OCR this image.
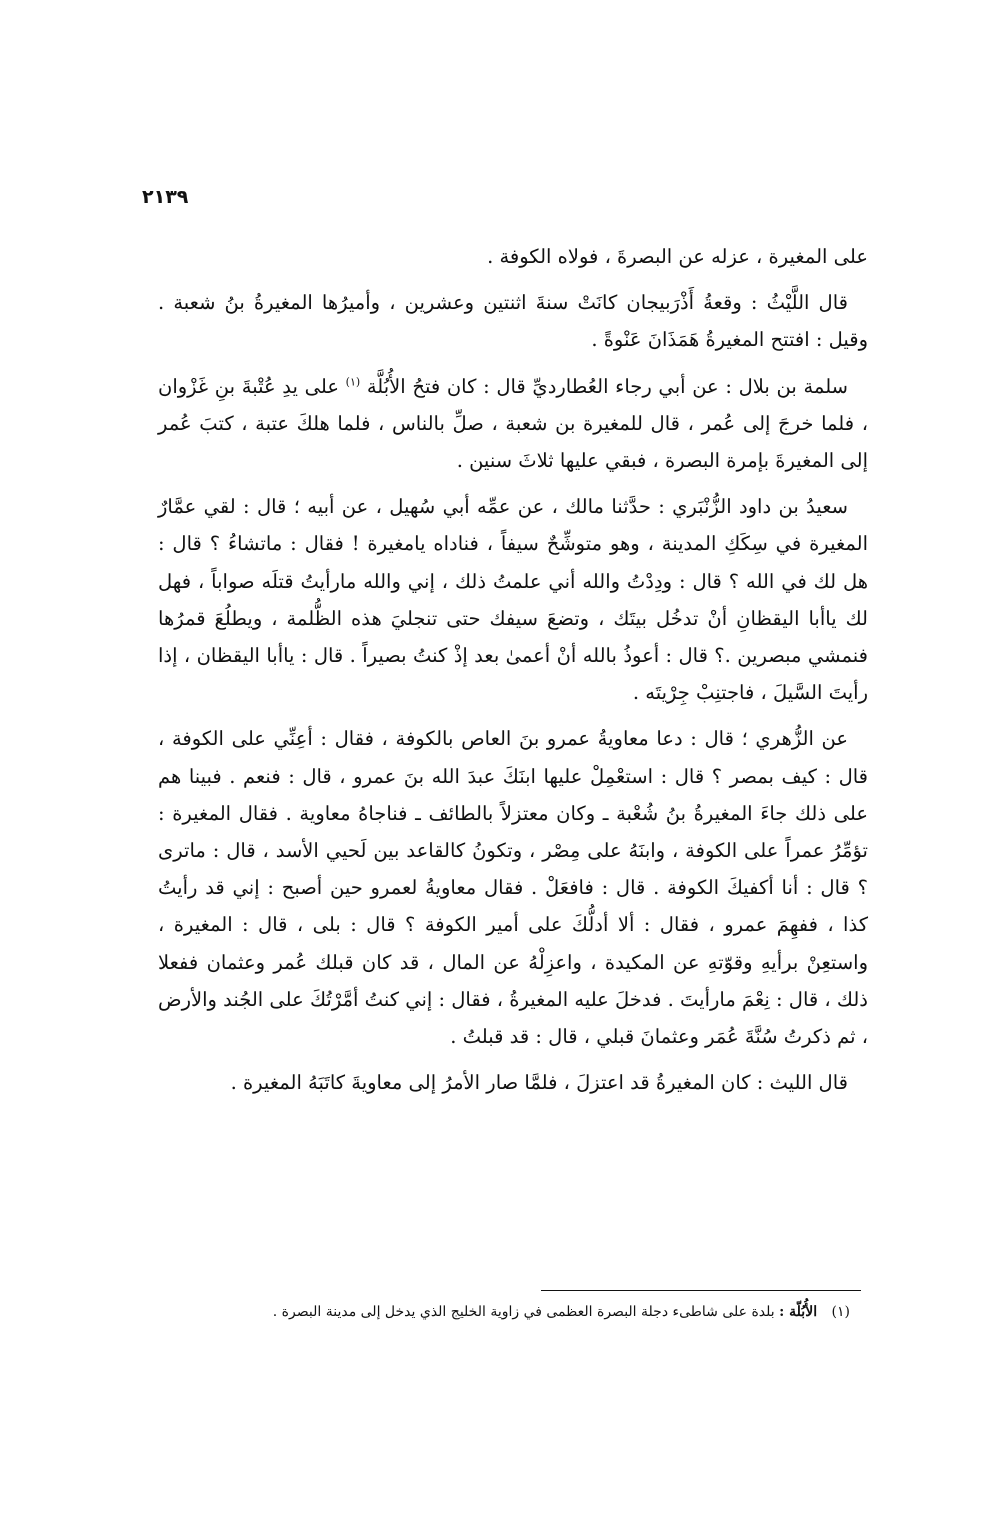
٢١٣٩

على المغيرة ، عزله عن البصرةَ ، فولاه الكوفة .

قال اللَّيْثُ : وقعةُ أَذْرَبيجان كانَتْ سنةَ اثنتين وعشرين ، وأميرُها المغيرةُ بنُ شعبة . وقيل : افتتح المغيرةُ هَمَذَانَ عَنْوةً .

سلمة بن بلال : عن أبي رجاء العُطارديِّ قال : كان فتحُ الأُبُلَّة $^{(١)}$ على يدِ عُتْبةَ بنِ غَزْوان ، فلما خرجَ إلى عُمر ، قال للمغيرة بن شعبة ، صلِّ بالناس ، فلما هلكَ عتبة ، كتبَ عُمر إلى المغيرةَ بإمرة البصرة ، فبقي عليها ثلاثَ سنين .

سعيدُ بن داود الزُّنْبَري : حدَّثنا مالك ، عن عمِّه أبي سُهيل ، عن أبيه ؛ قال : لقي عمَّارٌ المغيرة في سِكَكِ المدينة ، وهو متوشِّحٌ سيفاً ، فناداه يامغيرة ! فقال : ماتشاءُ ؟ قال : هل لك في الله ؟ قال : ودِدْتُ والله أني علمتُ ذلك ، إني والله مارأيتُ قتلَه صواباً ، فهل لك ياأبا اليقظانِ أنْ تدخُل بيتَك ، وتضعَ سيفك حتى تنجليَ هذه الظُّلمة ، ويطلُعَ قمرُها فنمشي مبصرين .؟ قال : أعوذُ بالله أنْ أعمىٰ بعد إذْ كنتُ بصيراً . قال : ياأبا اليقظان ، إذا رأيتَ السَّيلَ ، فاجتنِبْ جِرْيتَه .

عن الزُّهري ؛ قال : دعا معاويةُ عمرو بنَ العاص بالكوفة ، فقال : أعِنِّي على الكوفة ، قال : كيف بمصر ؟ قال : استعْمِلْ عليها ابنَكَ عبدَ الله بنَ عمرو ، قال : فنعم . فبينا هم على ذلك جاءَ المغيرةُ بنُ شُعْبة ـ وكان معتزلاً بالطائف ـ فناجاهُ معاوية . فقال المغيرة : تؤمِّرُ عمراً على الكوفة ، وابنَهُ على مِصْر ، وتكونُ كالقاعد بين لَحيي الأسد ، قال : ماترى ؟ قال : أنا أكفيكَ الكوفة . قال : فافعَلْ . فقال معاويةُ لعمرو حين أصبح : إني قد رأيتُ كذا ، ففهِمَ عمرو ، فقال : ألا أدلُّكَ على أمير الكوفة ؟ قال : بلى ، قال : المغيرة ، واستعِنْ برأيهِ وقوّتهِ عن المكيدة ، واعزِلْهُ عن المال ، قد كان قبلك عُمر وعثمان ففعلا ذلك ، قال : نِعْمَ مارأيتَ . فدخلَ عليه المغيرةُ ، فقال : إني كنتُ أمَّرْتُكَ على الجُند والأرض ، ثم ذكرتُ سُنَّةَ عُمَر وعثمانَ قبلي ، قال : قد قبلتُ .

قال الليث : كان المغيرةُ قد اعتزلَ ، فلمَّا صار الأمرُ إلى معاويةَ كاتَبَهُ المغيرة .

(١) الأُبُلّة : بلدة على شاطىء دجلة البصرة العظمى في زاوية الخليج الذي يدخل إلى مدينة البصرة .
